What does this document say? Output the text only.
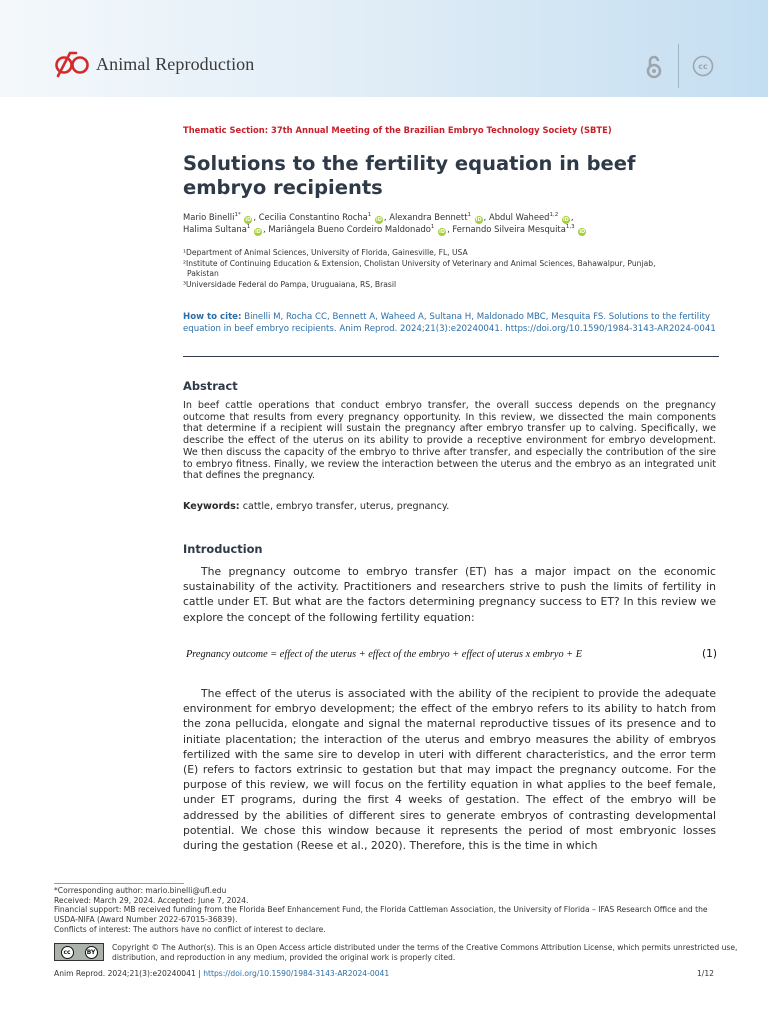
Animal Reproduction	cc
Thematic Section: 37th Annual Meeting of the Brazilian Embryo Technology Society (SBTE)
Solutions to the fertility equation in beef embryo recipients
Mario Binelli$^{1*}$ iD , Cecilia Constantino Rocha$^1$ iD , Alexandra Bennett$^1$ iD , Abdul Waheed$^{1,2}$ iD ,
Halima Sultana$^1$ iD , Mariângela Bueno Cordeiro Maldonado$^1$ iD , Fernando Silveira Mesquita$^{1,3}$ iD
¹Department of Animal Sciences, University of Florida, Gainesville, FL, USA
²Institute of Continuing Education & Extension, Cholistan University of Veterinary and Animal Sciences, Bahawalpur, Punjab,
Pakistan
³Universidade Federal do Pampa, Uruguaiana, RS, Brasil
How to cite: Binelli M, Rocha CC, Bennett A, Waheed A, Sultana H, Maldonado MBC, Mesquita FS. Solutions to the fertility equation in beef embryo recipients. Anim Reprod. 2024;21(3):e20240041. https://doi.org/10.1590/1984-3143-AR2024-0041
Abstract
In beef cattle operations that conduct embryo transfer, the overall success depends on the pregnancy outcome that results from every pregnancy opportunity. In this review, we dissected the main components that determine if a recipient will sustain the pregnancy after embryo transfer up to calving. Specifically, we describe the effect of the uterus on its ability to provide a receptive environment for embryo development. We then discuss the capacity of the embryo to thrive after transfer, and especially the contribution of the sire to embryo fitness. Finally, we review the interaction between the uterus and the embryo as an integrated unit that defines the pregnancy.
Keywords: cattle, embryo transfer, uterus, pregnancy.
Introduction
The pregnancy outcome to embryo transfer (ET) has a major impact on the economic sustainability of the activity. Practitioners and researchers strive to push the limits of fertility in cattle under ET. But what are the factors determining pregnancy success to ET? In this review we explore the concept of the following fertility equation:
Pregnancy outcome = effect of the uterus + effect of the embryo + effect of uterus x embryo + E	(1)
The effect of the uterus is associated with the ability of the recipient to provide the adequate environment for embryo development; the effect of the embryo refers to its ability to hatch from the zona pellucida, elongate and signal the maternal reproductive tissues of its presence and to initiate placentation; the interaction of the uterus and embryo measures the ability of embryos fertilized with the same sire to develop in uteri with different characteristics, and the error term (E) refers to factors extrinsic to gestation but that may impact the pregnancy outcome. For the purpose of this review, we will focus on the fertility equation in what applies to the beef female, under ET programs, during the first 4 weeks of gestation. The effect of the embryo will be addressed by the abilities of different sires to generate embryos of contrasting developmental potential. We chose this window because it represents the period of most embryonic losses during the gestation (Reese et al., 2020). Therefore, this is the time in which
*Corresponding author: mario.binelli@ufl.edu
Received: March 29, 2024. Accepted: June 7, 2024.
Financial support: MB received funding from the Florida Beef Enhancement Fund, the Florida Cattleman Association, the University of Florida – IFAS Research Office and the USDA-NIFA (Award Number 2022-67015-36839).
Conflicts of interest: The authors have no conflict of interest to declare.
cc	BY Copyright © The Author(s). This is an Open Access article distributed under the terms of the Creative Commons Attribution License, which permits unrestricted use, distribution, and reproduction in any medium, provided the original work is properly cited.
Anim Reprod. 2024;21(3):e20240041 | https://doi.org/10.1590/1984-3143-AR2024-0041	1/12
